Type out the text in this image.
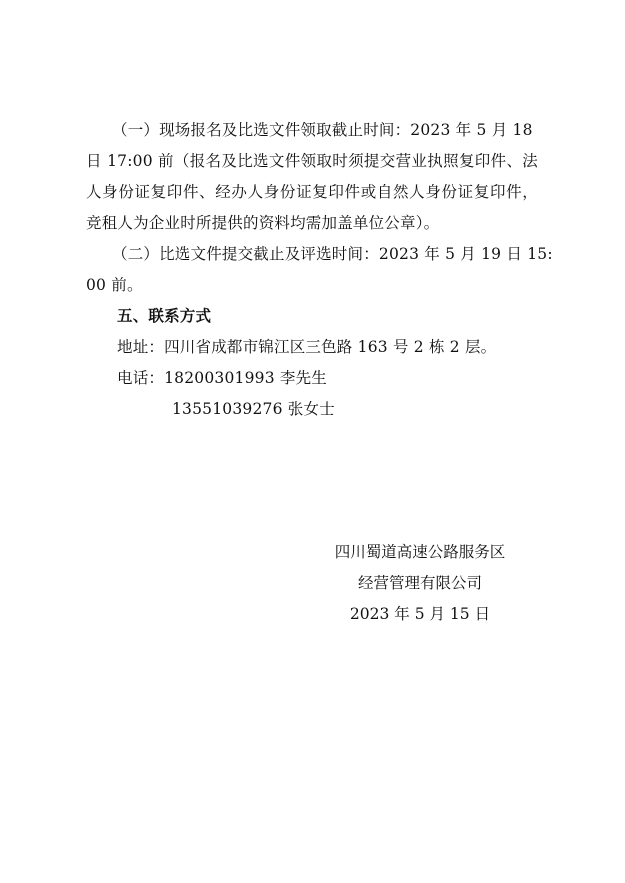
（一）现场报名及比选文件领取截止时间：2023 年 5 月 18
日 17:00 前（报名及比选文件领取时须提交营业执照复印件、法
人身份证复印件、经办人身份证复印件或自然人身份证复印件，
竞租人为企业时所提供的资料均需加盖单位公章）。
（二）比选文件提交截止及评选时间：2023 年 5 月 19 日 15:
00 前。
五、联系方式
地址：四川省成都市锦江区三色路 163 号 2 栋 2 层。
电话：18200301993 李先生
13551039276 张女士
四川蜀道高速公路服务区
经营管理有限公司
2023 年 5 月 15 日
